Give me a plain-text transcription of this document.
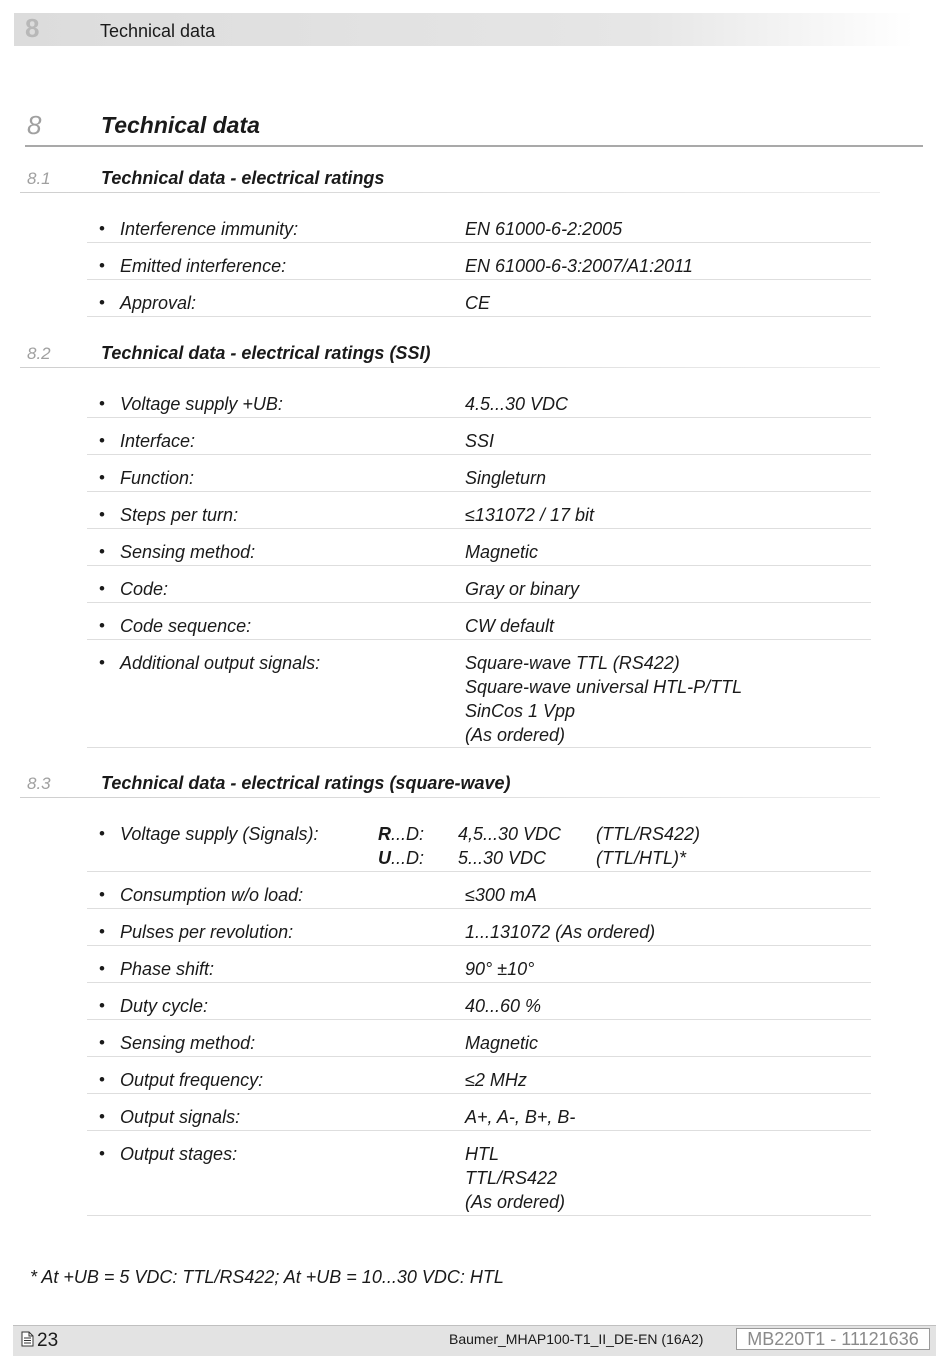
8	Technical data
8	Technical data
8.1	Technical data - electrical ratings
• Interference immunity:	EN 61000-6-2:2005
• Emitted interference:	EN 61000-6-3:2007/A1:2011
• Approval:	CE
8.2	Technical data - electrical ratings (SSI)
• Voltage supply +UB:	4.5...30 VDC
• Interface:	SSI
• Function:	Singleturn
• Steps per turn:	≤131072 / 17 bit
• Sensing method:	Magnetic
• Code:	Gray or binary
• Code sequence:	CW default
• Additional output signals:	Square-wave TTL (RS422)
Square-wave universal HTL-P/TTL
SinCos 1 Vpp
(As ordered)
8.3	Technical data - electrical ratings (square-wave)
• Voltage supply (Signals):	R...D: 4,5...30 VDC (TTL/RS422)
U...D: 5...30 VDC	(TTL/HTL)*
• Consumption w/o load:	≤300 mA
• Pulses per revolution:	1...131072 (As ordered)
• Phase shift:	90° ±10°
• Duty cycle:	40...60 %
• Sensing method:	Magnetic
• Output frequency:	≤2 MHz
• Output signals:	A+, A-, B+, B-
• Output stages:	HTL
TTL/RS422
(As ordered)
* At +UB = 5 VDC: TTL/RS422; At +UB = 10...30 VDC: HTL
23	Baumer_MHAP100-T1_II_DE-EN (16A2)	MB220T1 - 11121636
